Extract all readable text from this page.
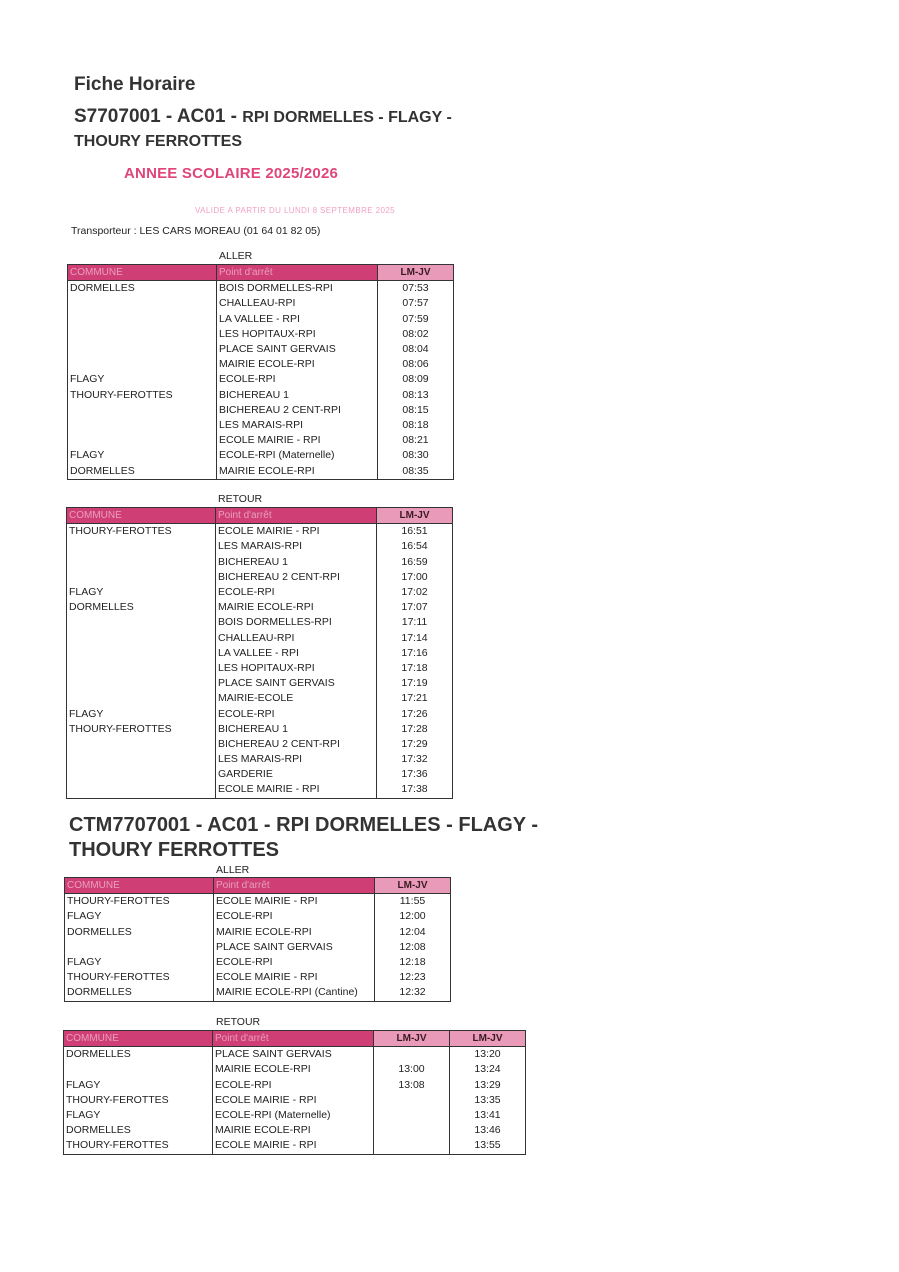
Fiche Horaire
S7707001 - AC01 - RPI DORMELLES - FLAGY -
THOURY FERROTTES
ANNEE SCOLAIRE 2025/2026
VALIDE A PARTIR DU LUNDI 8 SEPTEMBRE 2025
Transporteur : LES CARS MOREAU (01 64 01 82 05)
ALLER
COMMUNE	Point d'arrêt	LM-JV
DORMELLES	BOIS DORMELLES-RPI	07:53
	CHALLEAU-RPI	07:57
	LA VALLEE - RPI	07:59
	LES HOPITAUX-RPI	08:02
	PLACE SAINT GERVAIS	08:04
	MAIRIE ECOLE-RPI	08:06
FLAGY	ECOLE-RPI	08:09
THOURY-FEROTTES	BICHEREAU 1	08:13
	BICHEREAU 2 CENT-RPI	08:15
	LES MARAIS-RPI	08:18
	ECOLE MAIRIE - RPI	08:21
FLAGY	ECOLE-RPI (Maternelle)	08:30
DORMELLES	MAIRIE ECOLE-RPI	08:35
RETOUR
COMMUNE	Point d'arrêt	LM-JV
THOURY-FEROTTES	ECOLE MAIRIE - RPI	16:51
	LES MARAIS-RPI	16:54
	BICHEREAU 1	16:59
	BICHEREAU 2 CENT-RPI	17:00
FLAGY	ECOLE-RPI	17:02
DORMELLES	MAIRIE ECOLE-RPI	17:07
	BOIS DORMELLES-RPI	17:11
	CHALLEAU-RPI	17:14
	LA VALLEE - RPI	17:16
	LES HOPITAUX-RPI	17:18
	PLACE SAINT GERVAIS	17:19
	MAIRIE-ECOLE	17:21
FLAGY	ECOLE-RPI	17:26
THOURY-FEROTTES	BICHEREAU 1	17:28
	BICHEREAU 2 CENT-RPI	17:29
	LES MARAIS-RPI	17:32
	GARDERIE	17:36
	ECOLE MAIRIE - RPI	17:38
CTM7707001 - AC01 - RPI DORMELLES - FLAGY -
THOURY FERROTTES
ALLER
COMMUNE	Point d'arrêt	LM-JV
THOURY-FEROTTES	ECOLE MAIRIE - RPI	11:55
FLAGY	ECOLE-RPI	12:00
DORMELLES	MAIRIE ECOLE-RPI	12:04
	PLACE SAINT GERVAIS	12:08
FLAGY	ECOLE-RPI	12:18
THOURY-FEROTTES	ECOLE MAIRIE - RPI	12:23
DORMELLES	MAIRIE ECOLE-RPI (Cantine)	12:32
RETOUR
COMMUNE	Point d'arrêt	LM-JV	LM-JV
DORMELLES	PLACE SAINT GERVAIS		13:20
	MAIRIE ECOLE-RPI	13:00	13:24
FLAGY	ECOLE-RPI	13:08	13:29
THOURY-FEROTTES	ECOLE MAIRIE - RPI		13:35
FLAGY	ECOLE-RPI (Maternelle)		13:41
DORMELLES	MAIRIE ECOLE-RPI		13:46
THOURY-FEROTTES	ECOLE MAIRIE - RPI		13:55
